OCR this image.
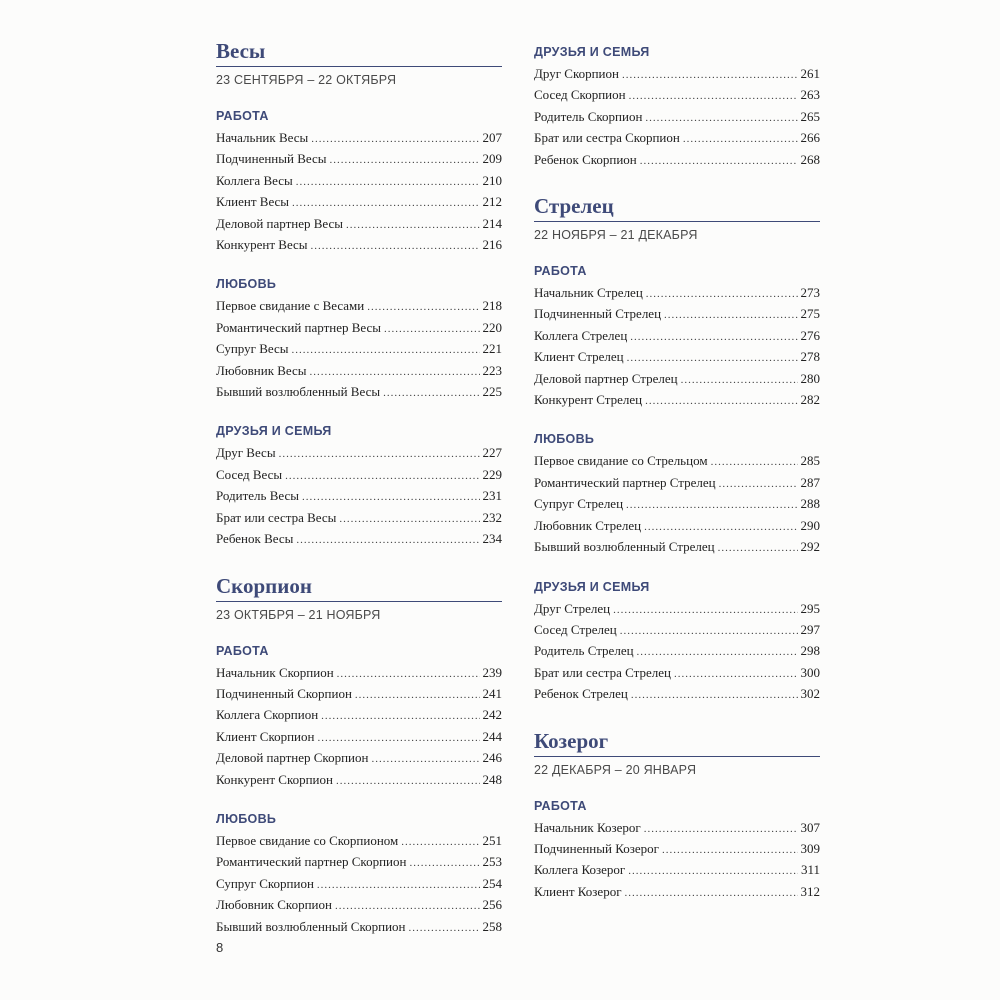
Весы
23 СЕНТЯБРЯ – 22 ОКТЯБРЯ
РАБОТА
Начальник Весы .....	207
Подчиненный Весы .....	209
Коллега Весы .....	210
Клиент Весы .....	212
Деловой партнер Весы .....	214
Конкурент Весы .....	216
ЛЮБОВЬ
Первое свидание с Весами .....	218
Романтический партнер Весы .....	220
Супруг Весы .....	221
Любовник Весы .....	223
Бывший возлюбленный Весы .....	225
ДРУЗЬЯ И СЕМЬЯ
Друг Весы .....	227
Сосед Весы .....	229
Родитель Весы .....	231
Брат или сестра Весы .....	232
Ребенок Весы .....	234
Скорпион
23 ОКТЯБРЯ – 21 НОЯБРЯ
РАБОТА
Начальник Скорпион .....	239
Подчиненный Скорпион .....	241
Коллега Скорпион .....	242
Клиент Скорпион .....	244
Деловой партнер Скорпион .....	246
Конкурент Скорпион .....	248
ЛЮБОВЬ
Первое свидание со Скорпионом .....	251
Романтический партнер Скорпион .....	253
Супруг Скорпион .....	254
Любовник Скорпион .....	256
Бывший возлюбленный Скорпион .....	258
ДРУЗЬЯ И СЕМЬЯ
Друг Скорпион .....	261
Сосед Скорпион .....	263
Родитель Скорпион .....	265
Брат или сестра Скорпион .....	266
Ребенок Скорпион .....	268
Стрелец
22 НОЯБРЯ – 21 ДЕКАБРЯ
РАБОТА
Начальник Стрелец .....	273
Подчиненный Стрелец .....	275
Коллега Стрелец .....	276
Клиент Стрелец .....	278
Деловой партнер Стрелец .....	280
Конкурент Стрелец .....	282
ЛЮБОВЬ
Первое свидание со Стрельцом .....	285
Романтический партнер Стрелец .....	287
Супруг Стрелец .....	288
Любовник Стрелец .....	290
Бывший возлюбленный Стрелец .....	292
ДРУЗЬЯ И СЕМЬЯ
Друг Стрелец .....	295
Сосед Стрелец .....	297
Родитель Стрелец .....	298
Брат или сестра Стрелец .....	300
Ребенок Стрелец .....	302
Козерог
22 ДЕКАБРЯ – 20 ЯНВАРЯ
РАБОТА
Начальник Козерог .....	307
Подчиненный Козерог .....	309
Коллега Козерог .....	311
Клиент Козерог .....	312
8
